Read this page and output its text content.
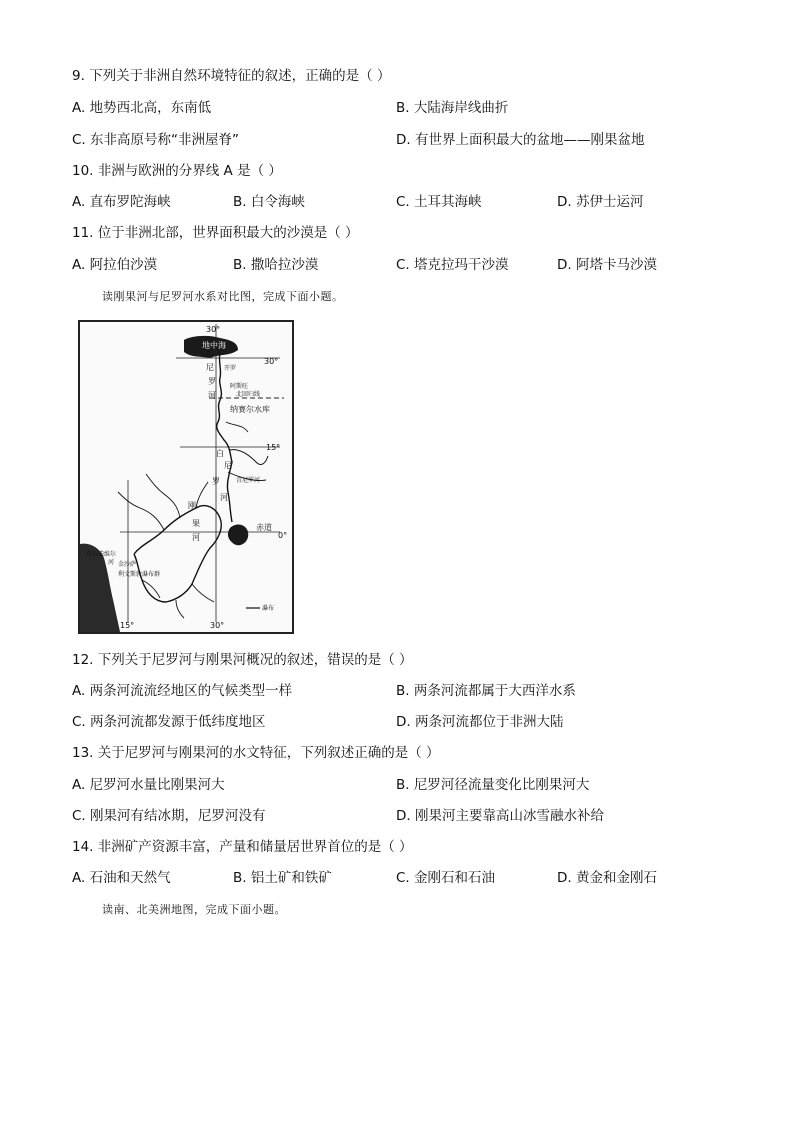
9. 下列关于非洲自然环境特征的叙述，正确的是（ ）
A. 地势西北高，东南低	B. 大陆海岸线曲折
C. 东非高原号称“非洲屋脊”	D. 有世界上面积最大的盆地——刚果盆地
10. 非洲与欧洲的分界线 A 是（ ）
A. 直布罗陀海峡	B. 白令海峡	C. 土耳其海峡	D. 苏伊士运河
11. 位于非洲北部，世界面积最大的沙漠是（ ）
A. 阿拉伯沙漠	B. 撒哈拉沙漠	C. 塔克拉玛干沙漠	D. 阿塔卡马沙漠
读刚果河与尼罗河水系对比图，完成下面小题。
30°
地中海
30°
尼 开罗
罗
阿斯旺
河	北回归线
纳赛尔水库
15°
白
尼
罗
河
青尼罗河
刚
果
河
赤道
0°
布拉柴维尔
河 金沙萨
利文斯敦瀑布群
瀑布
15°	30°
12. 下列关于尼罗河与刚果河概况的叙述，错误的是（ ）
A. 两条河流流经地区的气候类型一样	B. 两条河流都属于大西洋水系
C. 两条河流都发源于低纬度地区	D. 两条河流都位于非洲大陆
13. 关于尼罗河与刚果河的水文特征，下列叙述正确的是（ ）
A. 尼罗河水量比刚果河大	B. 尼罗河径流量变化比刚果河大
C. 刚果河有结冰期，尼罗河没有	D. 刚果河主要靠高山冰雪融水补给
14. 非洲矿产资源丰富，产量和储量居世界首位的是（ ）
A. 石油和天然气	B. 铝土矿和铁矿	C. 金刚石和石油	D. 黄金和金刚石
读南、北美洲地图，完成下面小题。
